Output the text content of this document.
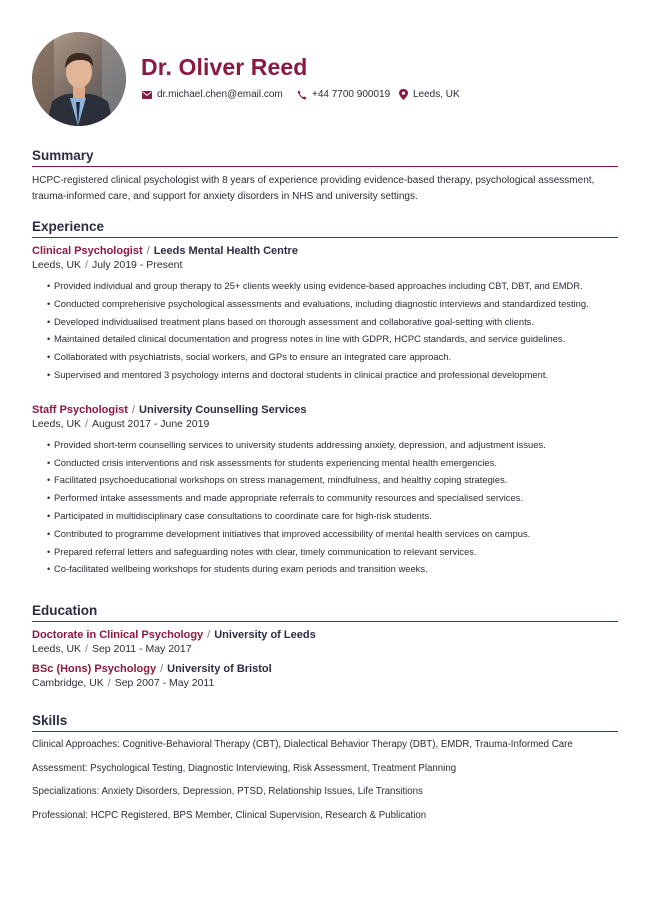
Dr. Oliver Reed
dr.michael.chen@email.com	+44 7700 900019 Leeds, UK
Summary
HCPC-registered clinical psychologist with 8 years of experience providing evidence-based therapy, psychological assessment, trauma-informed care, and support for anxiety disorders in NHS and university settings.
Experience
Clinical Psychologist / Leeds Mental Health Centre
Leeds, UK / July 2019 - Present
• Provided individual and group therapy to 25+ clients weekly using evidence-based approaches including CBT, DBT, and EMDR.
• Conducted comprehensive psychological assessments and evaluations, including diagnostic interviews and standardized testing.
• Developed individualised treatment plans based on thorough assessment and collaborative goal-setting with clients.
• Maintained detailed clinical documentation and progress notes in line with GDPR, HCPC standards, and service guidelines.
• Collaborated with psychiatrists, social workers, and GPs to ensure an integrated care approach.
• Supervised and mentored 3 psychology interns and doctoral students in clinical practice and professional development.
Staff Psychologist / University Counselling Services
Leeds, UK / August 2017 - June 2019
• Provided short-term counselling services to university students addressing anxiety, depression, and adjustment issues.
• Conducted crisis interventions and risk assessments for students experiencing mental health emergencies.
• Facilitated psychoeducational workshops on stress management, mindfulness, and healthy coping strategies.
• Performed intake assessments and made appropriate referrals to community resources and specialised services.
• Participated in multidisciplinary case consultations to coordinate care for high-risk students.
• Contributed to programme development initiatives that improved accessibility of mental health services on campus.
• Prepared referral letters and safeguarding notes with clear, timely communication to relevant services.
• Co-facilitated wellbeing workshops for students during exam periods and transition weeks.
Education
Doctorate in Clinical Psychology / University of Leeds
Leeds, UK / Sep 2011 - May 2017
BSc (Hons) Psychology / University of Bristol
Cambridge, UK / Sep 2007 - May 2011
Skills
Clinical Approaches: Cognitive-Behavioral Therapy (CBT), Dialectical Behavior Therapy (DBT), EMDR, Trauma-Informed Care
Assessment: Psychological Testing, Diagnostic Interviewing, Risk Assessment, Treatment Planning
Specializations: Anxiety Disorders, Depression, PTSD, Relationship Issues, Life Transitions
Professional: HCPC Registered, BPS Member, Clinical Supervision, Research & Publication
